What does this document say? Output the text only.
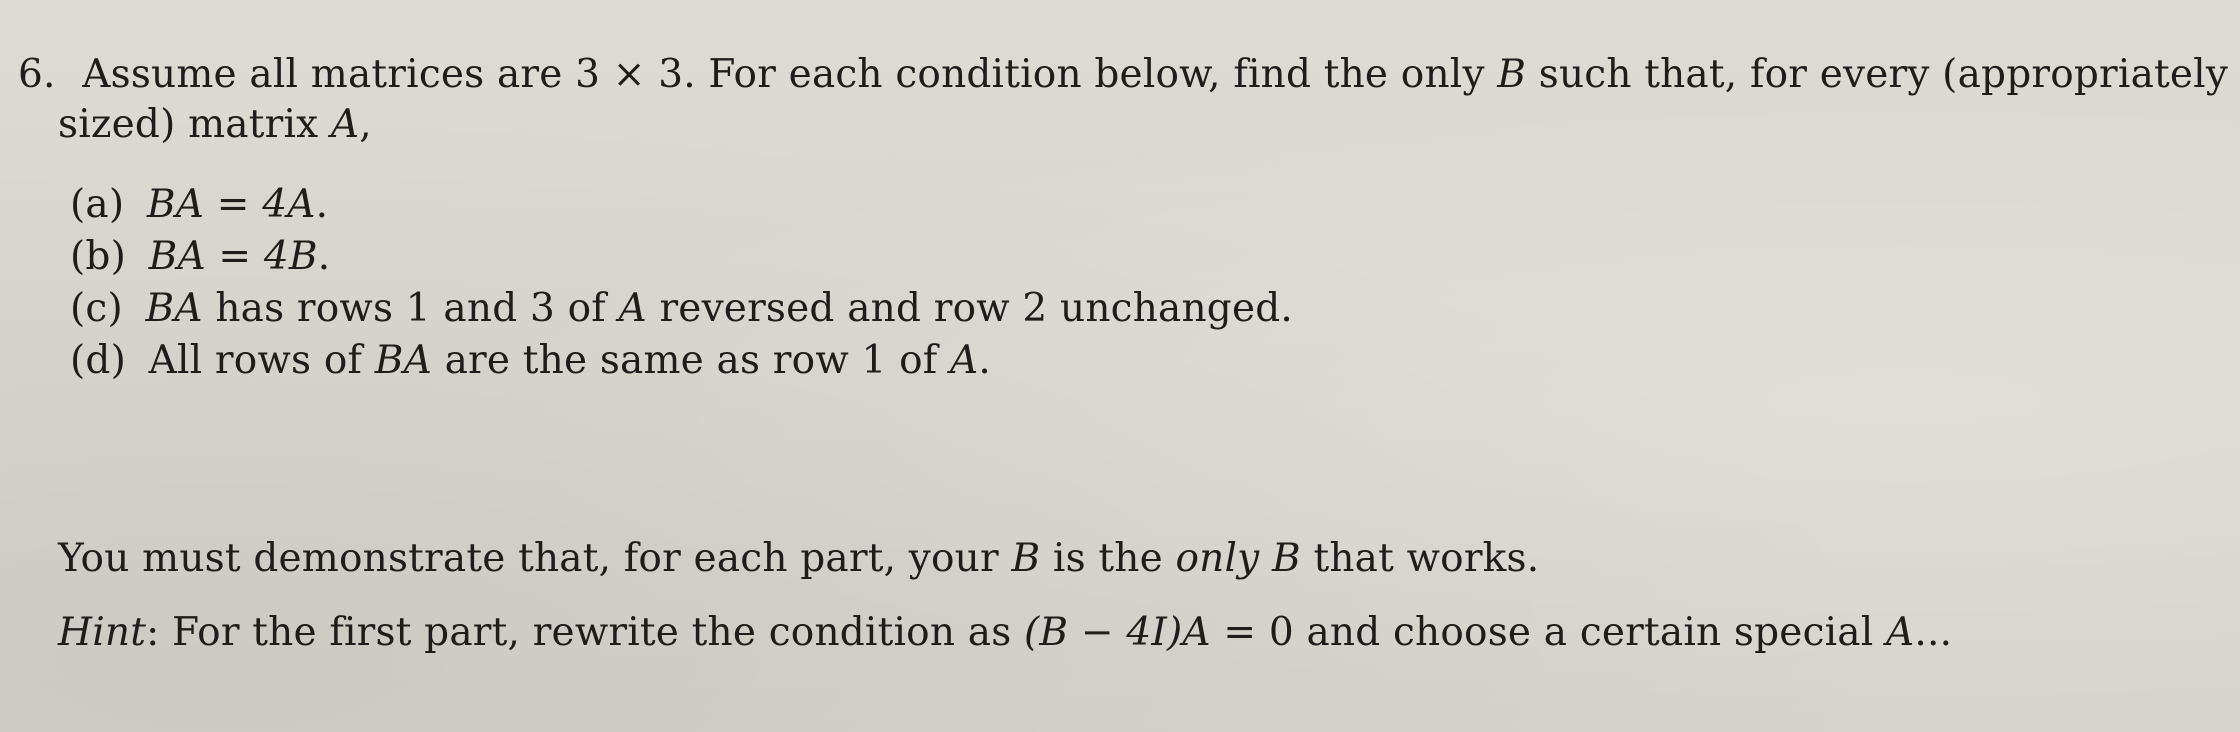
6. Assume all matrices are 3 × 3. For each condition below, find the only B such that, for every (appropriately
sized) matrix A,
(a) BA = 4A.
(b) BA = 4B.
(c) BA has rows 1 and 3 of A reversed and row 2 unchanged.
(d) All rows of BA are the same as row 1 of A.
You must demonstrate that, for each part, your B is the only B that works.
Hint: For the first part, rewrite the condition as (B − 4I)A = 0 and choose a certain special A...
